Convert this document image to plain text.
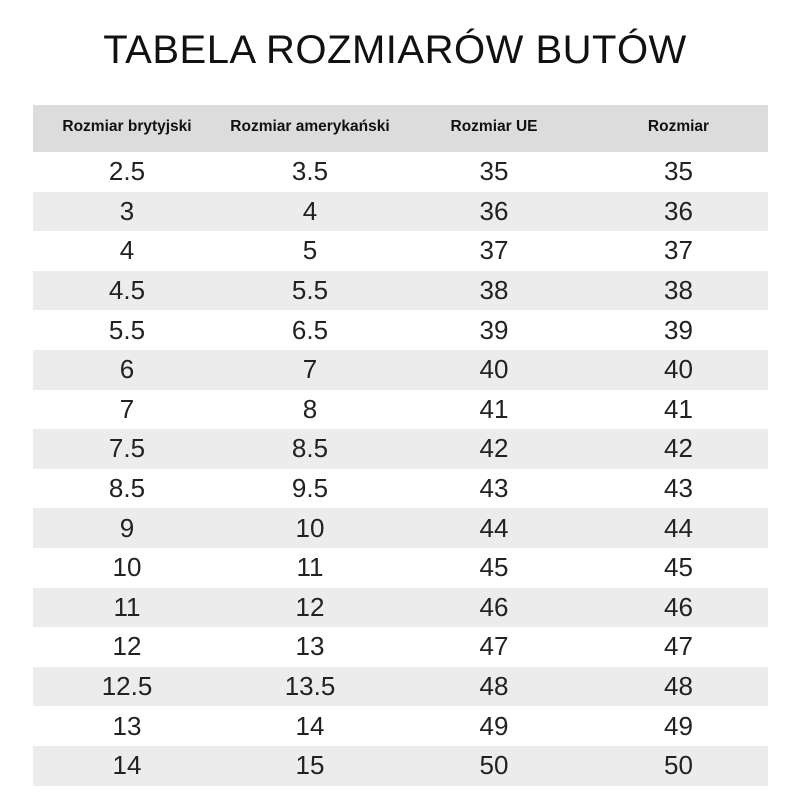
TABELA ROZMIARÓW BUTÓW
Rozmiar brytyjski	Rozmiar amerykański	Rozmiar UE	Rozmiar
2.5	3.5	35	35
3	4	36	36
4	5	37	37
4.5	5.5	38	38
5.5	6.5	39	39
6	7	40	40
7	8	41	41
7.5	8.5	42	42
8.5	9.5	43	43
9	10	44	44
10	11	45	45
11	12	46	46
12	13	47	47
12.5	13.5	48	48
13	14	49	49
14	15	50	50
